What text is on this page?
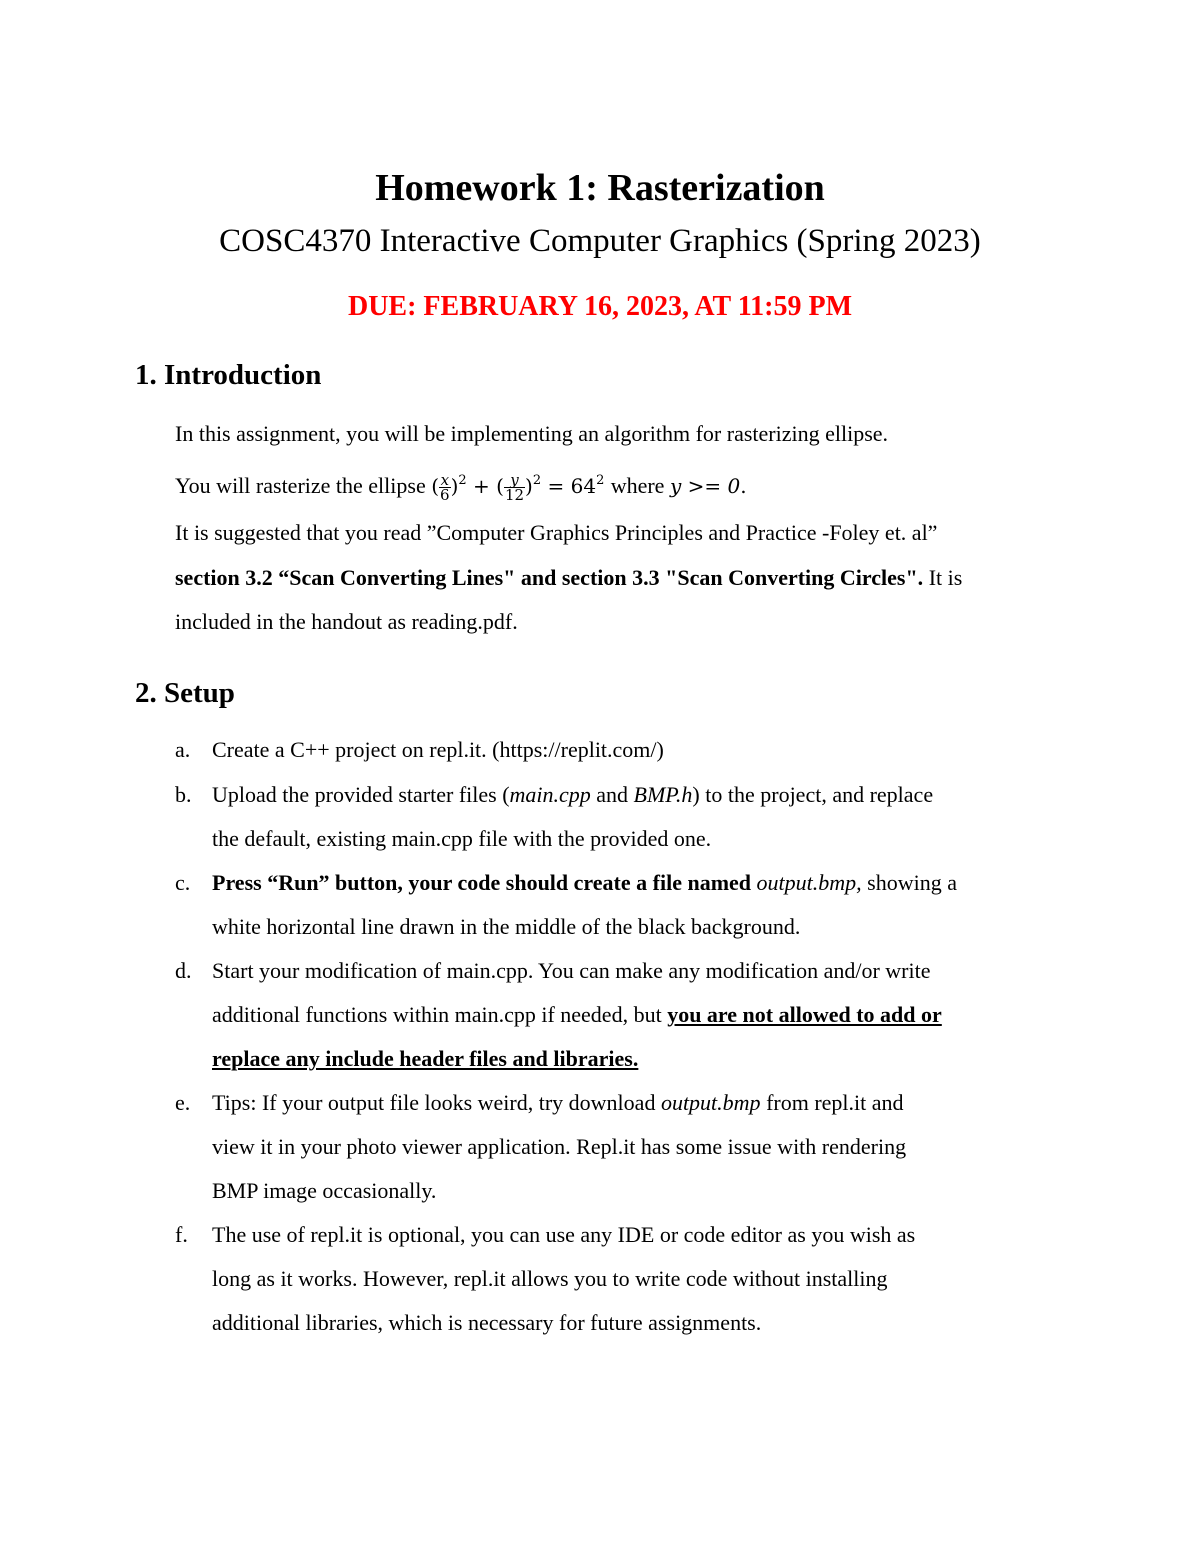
Homework 1: Rasterization
COSC4370 Interactive Computer Graphics (Spring 2023)
DUE: FEBRUARY 16, 2023, AT 11:59 PM
1. Introduction
In this assignment, you will be implementing an algorithm for rasterizing ellipse.
You will rasterize the ellipse ( $\frac{x}{6} )^2$ + ( $\frac{y}{12} )^2 = 64^2$ where y >= 0.
It is suggested that you read ”Computer Graphics Principles and Practice -Foley et. al”
section 3.2 “Scan Converting Lines" and section 3.3 "Scan Converting Circles". It is
included in the handout as reading.pdf.
2. Setup
a. Create a C++ project on repl.it. (https://replit.com/)
b. Upload the provided starter files (main.cpp and BMP.h) to the project, and replace
the default, existing main.cpp file with the provided one.
c. Press “Run” button, your code should create a file named output.bmp, showing a
white horizontal line drawn in the middle of the black background.
d. Start your modification of main.cpp. You can make any modification and/or write
additional functions within main.cpp if needed, but you are not allowed to add or
replace any include header files and libraries.
e. Tips: If your output file looks weird, try download output.bmp from repl.it and
view it in your photo viewer application. Repl.it has some issue with rendering
BMP image occasionally.
f. The use of repl.it is optional, you can use any IDE or code editor as you wish as
long as it works. However, repl.it allows you to write code without installing
additional libraries, which is necessary for future assignments.
